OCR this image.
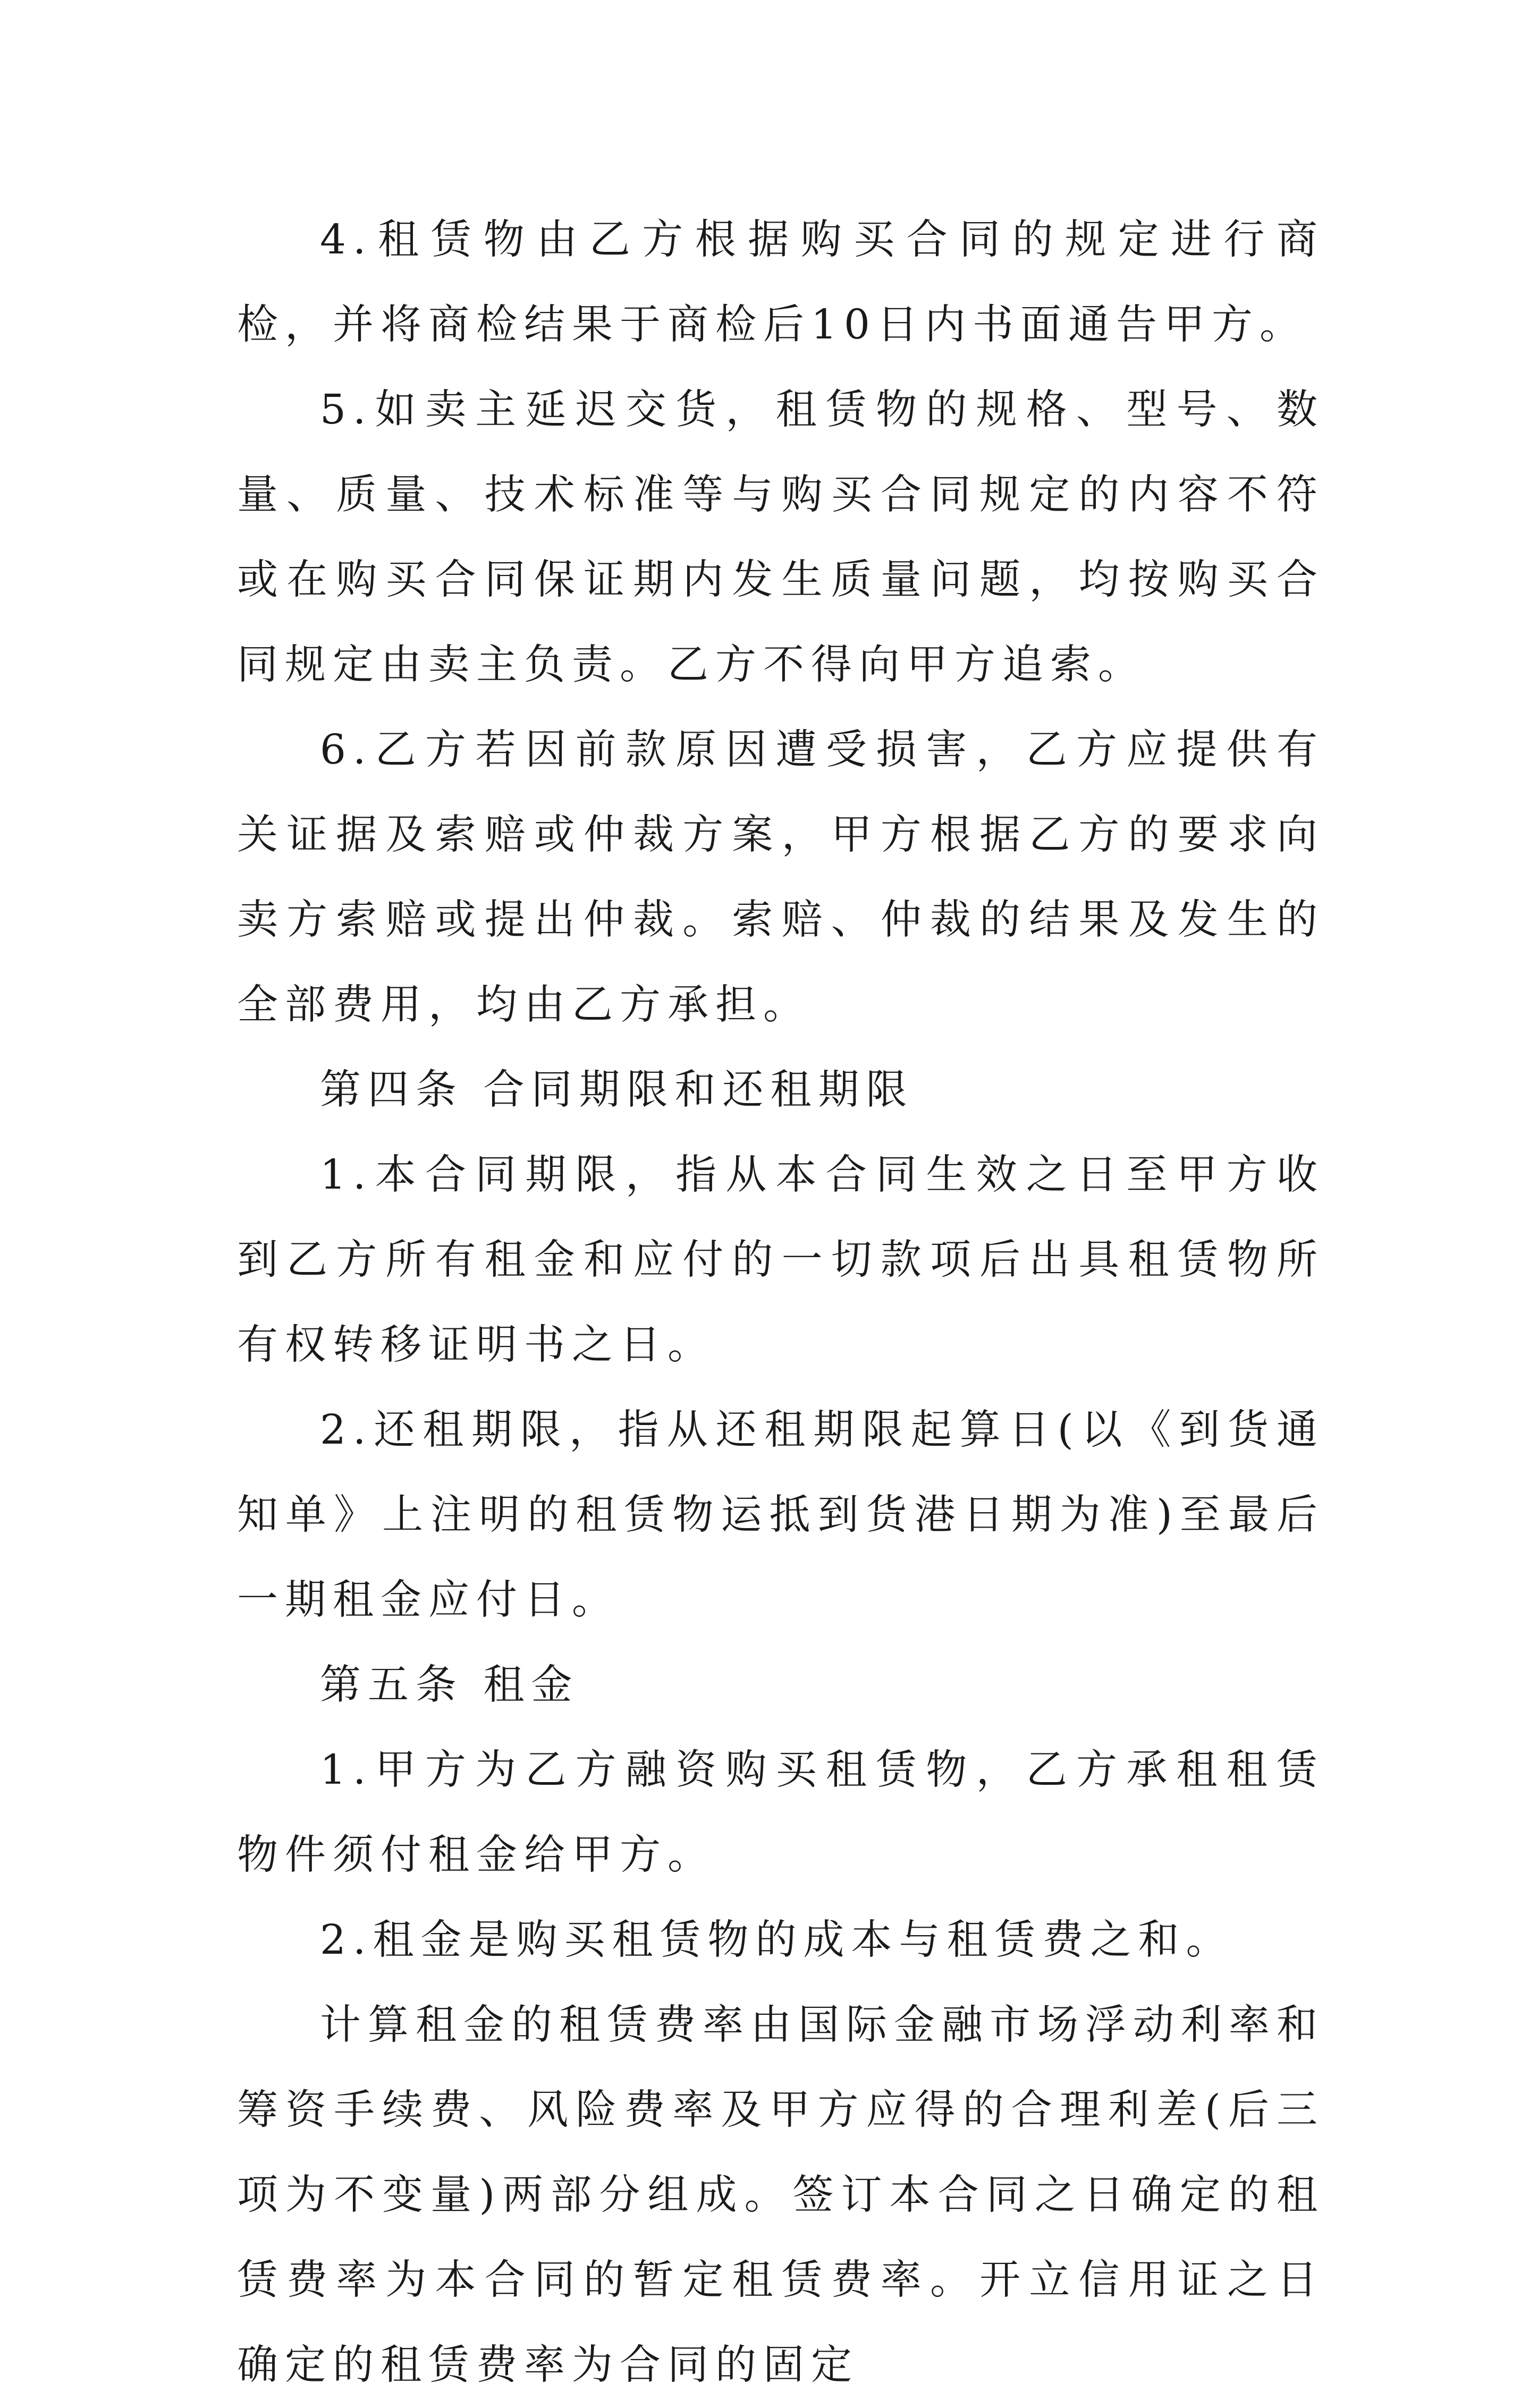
4.租赁物由乙方根据购买合同的规定进行商检，并将商检结果于商检后10日内书面通告甲方。

5.如卖主延迟交货，租赁物的规格、型号、数量、质量、技术标准等与购买合同规定的内容不符或在购买合同保证期内发生质量问题，均按购买合同规定由卖主负责。乙方不得向甲方追索。

6.乙方若因前款原因遭受损害，乙方应提供有关证据及索赔或仲裁方案，甲方根据乙方的要求向卖方索赔或提出仲裁。索赔、仲裁的结果及发生的全部费用，均由乙方承担。

第四条 合同期限和还租期限

1.本合同期限，指从本合同生效之日至甲方收到乙方所有租金和应付的一切款项后出具租赁物所有权转移证明书之日。

2.还租期限，指从还租期限起算日(以《到货通知单》上注明的租赁物运抵到货港日期为准)至最后一期租金应付日。

第五条 租金

1.甲方为乙方融资购买租赁物，乙方承租租赁物件须付租金给甲方。

2.租金是购买租赁物的成本与租赁费之和。

计算租金的租赁费率由国际金融市场浮动利率和筹资手续费、风险费率及甲方应得的合理利差(后三项为不变量)两部分组成。签订本合同之日确定的租赁费率为本合同的暂定租赁费率。开立信用证之日确定的租赁费率为合同的固定
